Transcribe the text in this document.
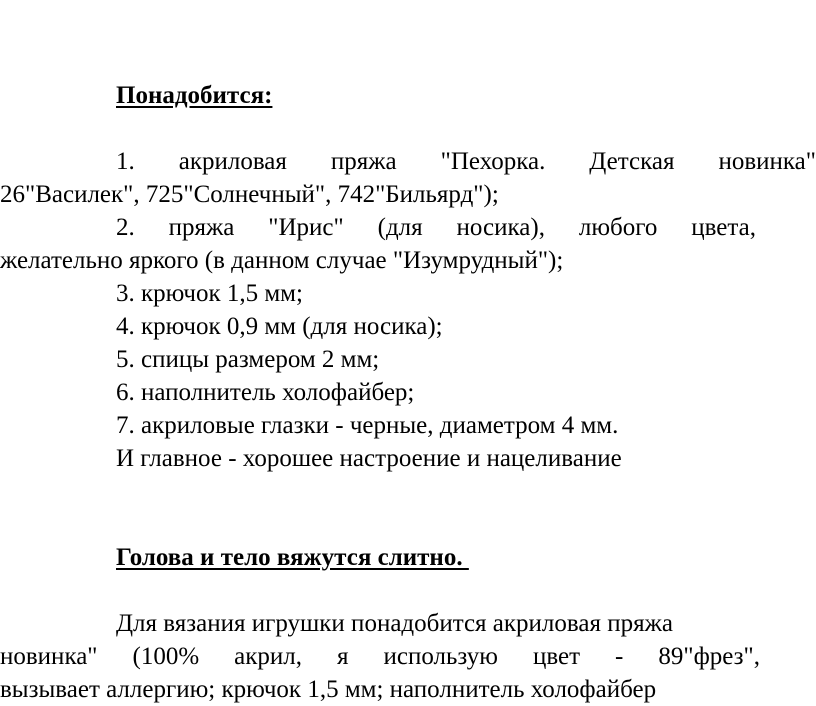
Понадобится:
1. акриловая пряжа "Пехорка. Детская новинка"
26"Василек", 725"Солнечный", 742"Бильярд");
2. пряжа "Ирис" (для носика), любого цвета,
желательно яркого (в данном случае "Изумрудный");
3. крючок 1,5 мм;
4. крючок 0,9 мм (для носика);
5. спицы размером 2 мм;
6. наполнитель холофайбер;
7. акриловые глазки - черные, диаметром 4 мм.
И главное - хорошее настроение и нацеливание
Голова и тело вяжутся слитно.
Для вязания игрушки понадобится акриловая пряжа
новинка" (100% акрил, я использую цвет - 89"фрез",
вызывает аллергию; крючок 1,5 мм; наполнитель холофайбер
